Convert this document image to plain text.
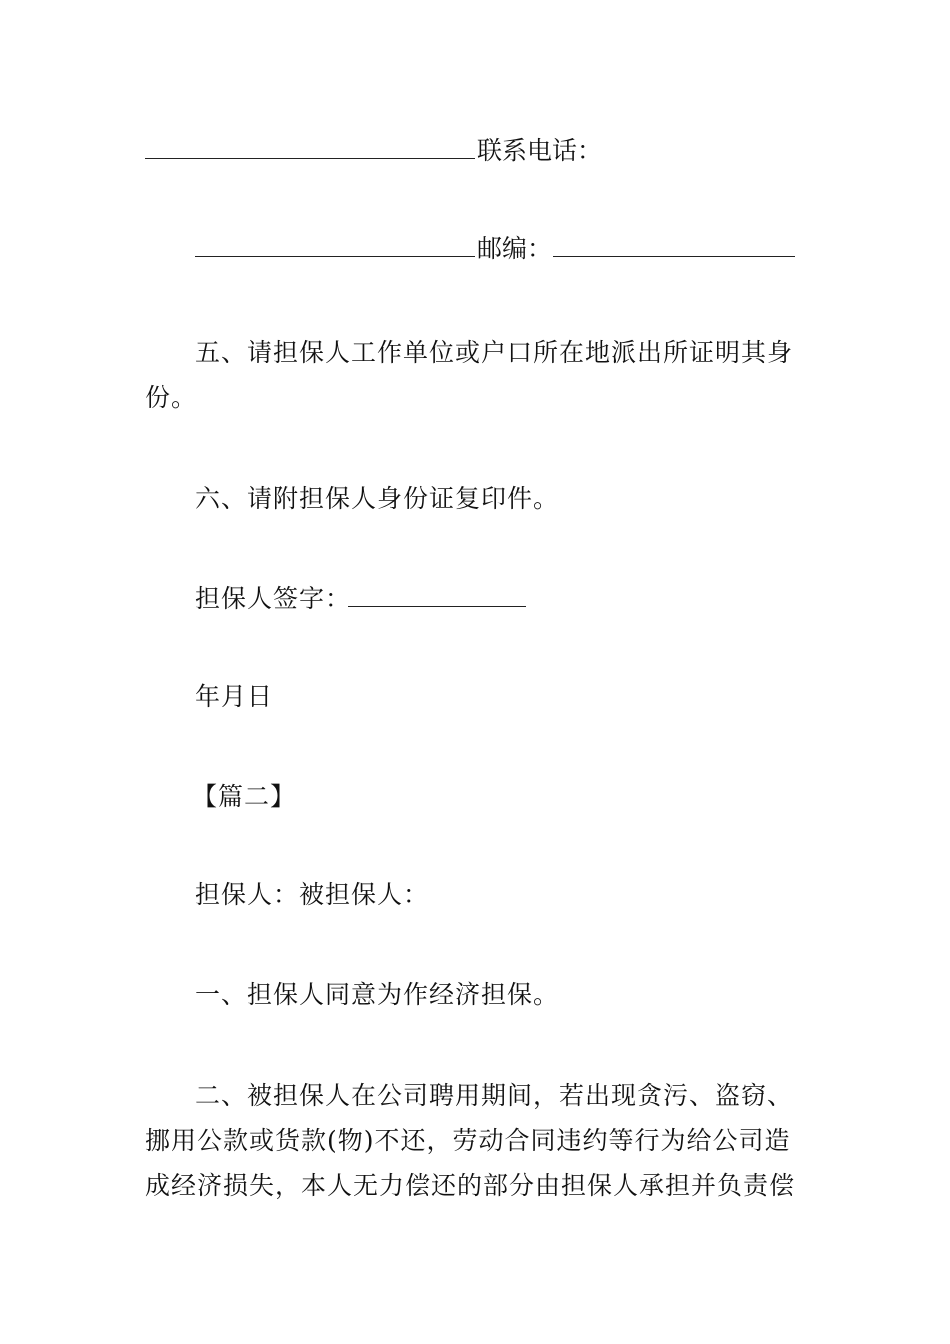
联系电话：
邮编：
五、请担保人工作单位或户口所在地派出所证明其身份。
六、请附担保人身份证复印件。
担保人签字：
年月日
【篇二】
担保人：被担保人：
一、担保人同意为作经济担保。
二、被担保人在公司聘用期间，若出现贪污、盗窃、挪用公款或货款(物)不还，劳动合同违约等行为给公司造成经济损失，本人无力偿还的部分由担保人承担并负责偿
